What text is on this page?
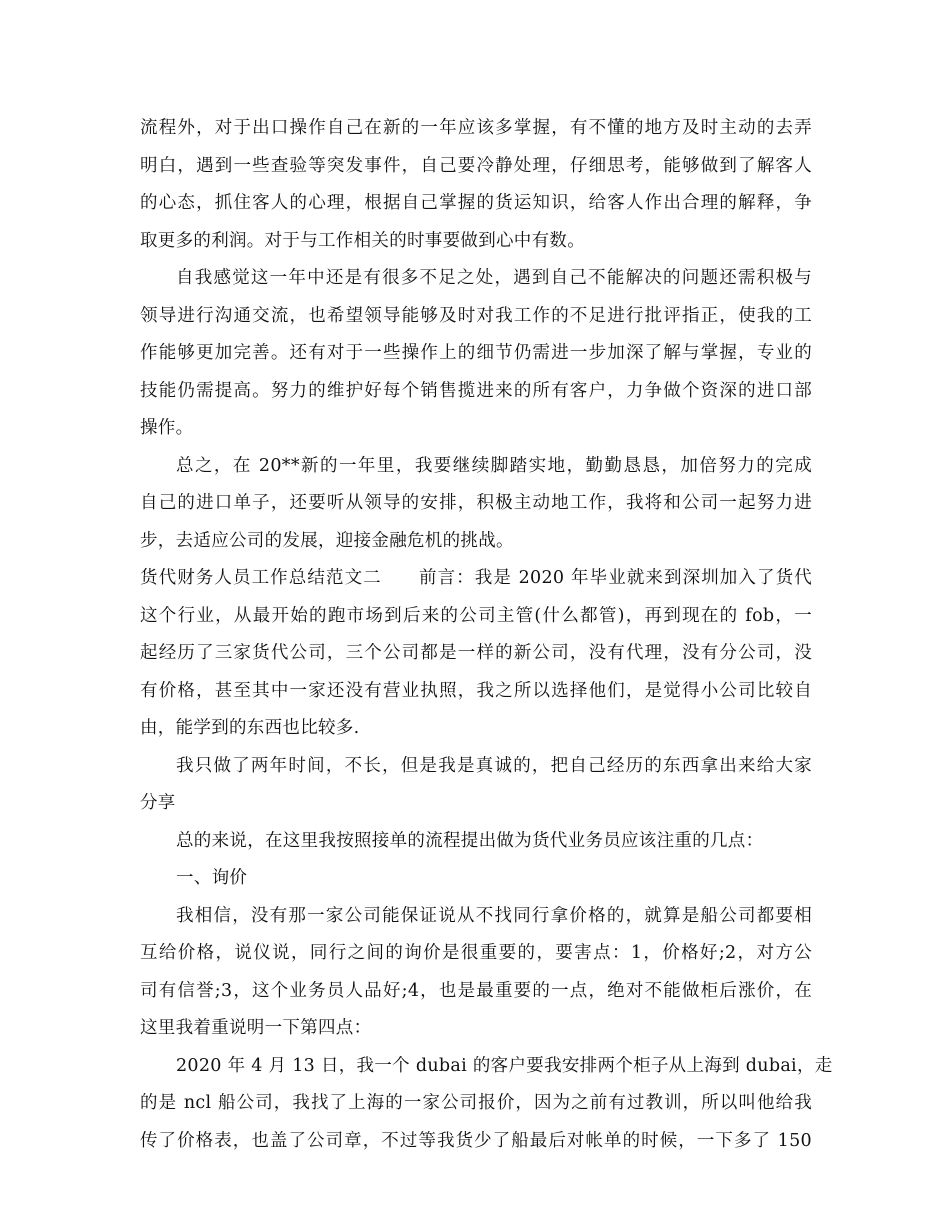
流程外，对于出口操作自己在新的一年应该多掌握，有不懂的地方及时主动的去弄
明白，遇到一些查验等突发事件，自己要冷静处理，仔细思考，能够做到了解客人
的心态，抓住客人的心理，根据自己掌握的货运知识，给客人作出合理的解释，争
取更多的利润。对于与工作相关的时事要做到心中有数。
自我感觉这一年中还是有很多不足之处，遇到自己不能解决的问题还需积极与
领导进行沟通交流，也希望领导能够及时对我工作的不足进行批评指正，使我的工
作能够更加完善。还有对于一些操作上的细节仍需进一步加深了解与掌握，专业的
技能仍需提高。努力的维护好每个销售揽进来的所有客户，力争做个资深的进口部
操作。
总之，在 20**新的一年里，我要继续脚踏实地，勤勤恳恳，加倍努力的完成
自己的进口单子，还要听从领导的安排，积极主动地工作，我将和公司一起努力进
步，去适应公司的发展，迎接金融危机的挑战。
货代财务人员工作总结范文二　　前言：我是 2020 年毕业就来到深圳加入了货代
这个行业，从最开始的跑市场到后来的公司主管(什么都管)，再到现在的 fob，一
起经历了三家货代公司，三个公司都是一样的新公司，没有代理，没有分公司，没
有价格，甚至其中一家还没有营业执照，我之所以选择他们，是觉得小公司比较自
由，能学到的东西也比较多.
我只做了两年时间，不长，但是我是真诚的，把自己经历的东西拿出来给大家
分享
总的来说，在这里我按照接单的流程提出做为货代业务员应该注重的几点：
一、询价
我相信，没有那一家公司能保证说从不找同行拿价格的，就算是船公司都要相
互给价格，说仪说，同行之间的询价是很重要的，要害点：1，价格好;2，对方公
司有信誉;3，这个业务员人品好;4，也是最重要的一点，绝对不能做柜后涨价，在
这里我着重说明一下第四点：
2020 年 4 月 13 日，我一个 dubai 的客户要我安排两个柜子从上海到 dubai，走
的是 ncl 船公司，我找了上海的一家公司报价，因为之前有过教训，所以叫他给我
传了价格表，也盖了公司章，不过等我货少了船最后对帐单的时候，一下多了 150
